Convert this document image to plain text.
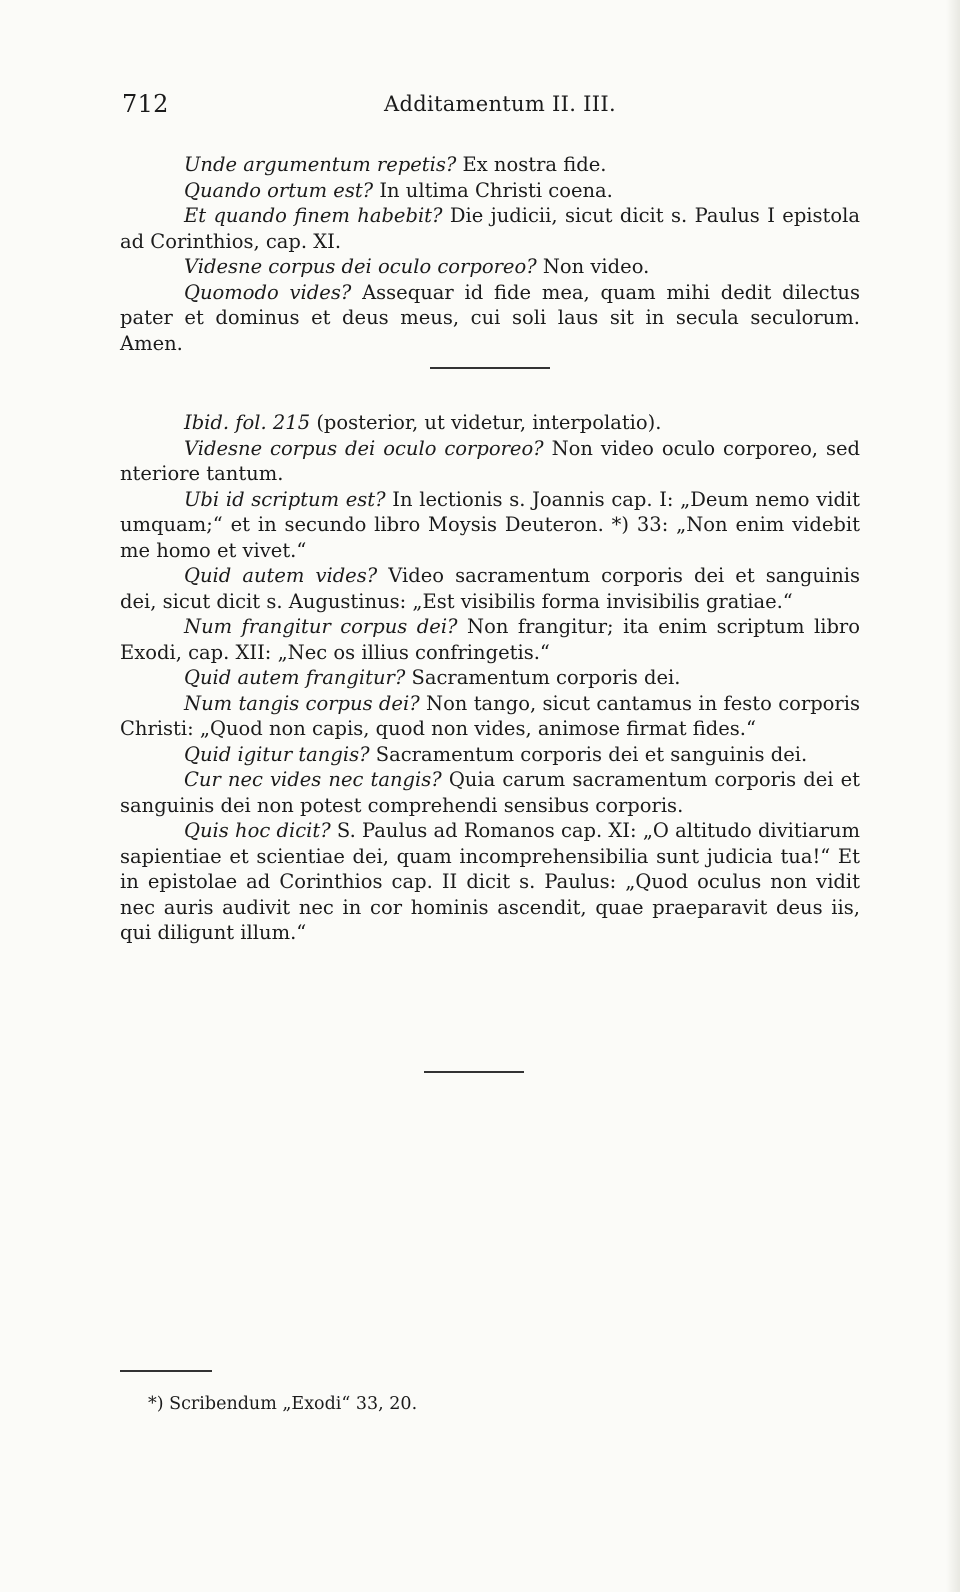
712	Additamentum II. III.

Unde argumentum repetis? Ex nostra fide.

Quando ortum est? In ultima Christi coena.

Et quando finem habebit? Die judicii, sicut dicit s. Paulus I epistola ad Corinthios, cap. XI.

Videsne corpus dei oculo corporeo? Non video.

Quomodo vides? Assequar id fide mea, quam mihi dedit dilectus pater et dominus et deus meus, cui soli laus sit in secula seculorum. Amen.

Ibid. fol. 215 (posterior, ut videtur, interpolatio).

Videsne corpus dei oculo corporeo? Non video oculo corporeo, sed nteriore tantum.

Ubi id scriptum est? In lectionis s. Joannis cap. I: „Deum nemo vidit umquam;“ et in secundo libro Moysis Deuteron. *) 33: „Non enim videbit me homo et vivet.“

Quid autem vides? Video sacramentum corporis dei et sanguinis dei, sicut dicit s. Augustinus: „Est visibilis forma invisibilis gratiae.“

Num frangitur corpus dei? Non frangitur; ita enim scriptum libro Exodi, cap. XII: „Nec os illius confringetis.“

Quid autem frangitur? Sacramentum corporis dei.

Num tangis corpus dei? Non tango, sicut cantamus in festo corporis Christi: „Quod non capis, quod non vides, animose firmat fides.“

Quid igitur tangis? Sacramentum corporis dei et sanguinis dei.

Cur nec vides nec tangis? Quia carum sacramentum corporis dei et sanguinis dei non potest comprehendi sensibus corporis.

Quis hoc dicit? S. Paulus ad Romanos cap. XI: „O altitudo divitiarum sapientiae et scientiae dei, quam incomprehensibilia sunt judicia tua!“ Et in epistolae ad Corinthios cap. II dicit s. Paulus: „Quod oculus non vidit nec auris audivit nec in cor hominis ascendit, quae praeparavit deus iis, qui diligunt illum.“

*) Scribendum „Exodi“ 33, 20.
